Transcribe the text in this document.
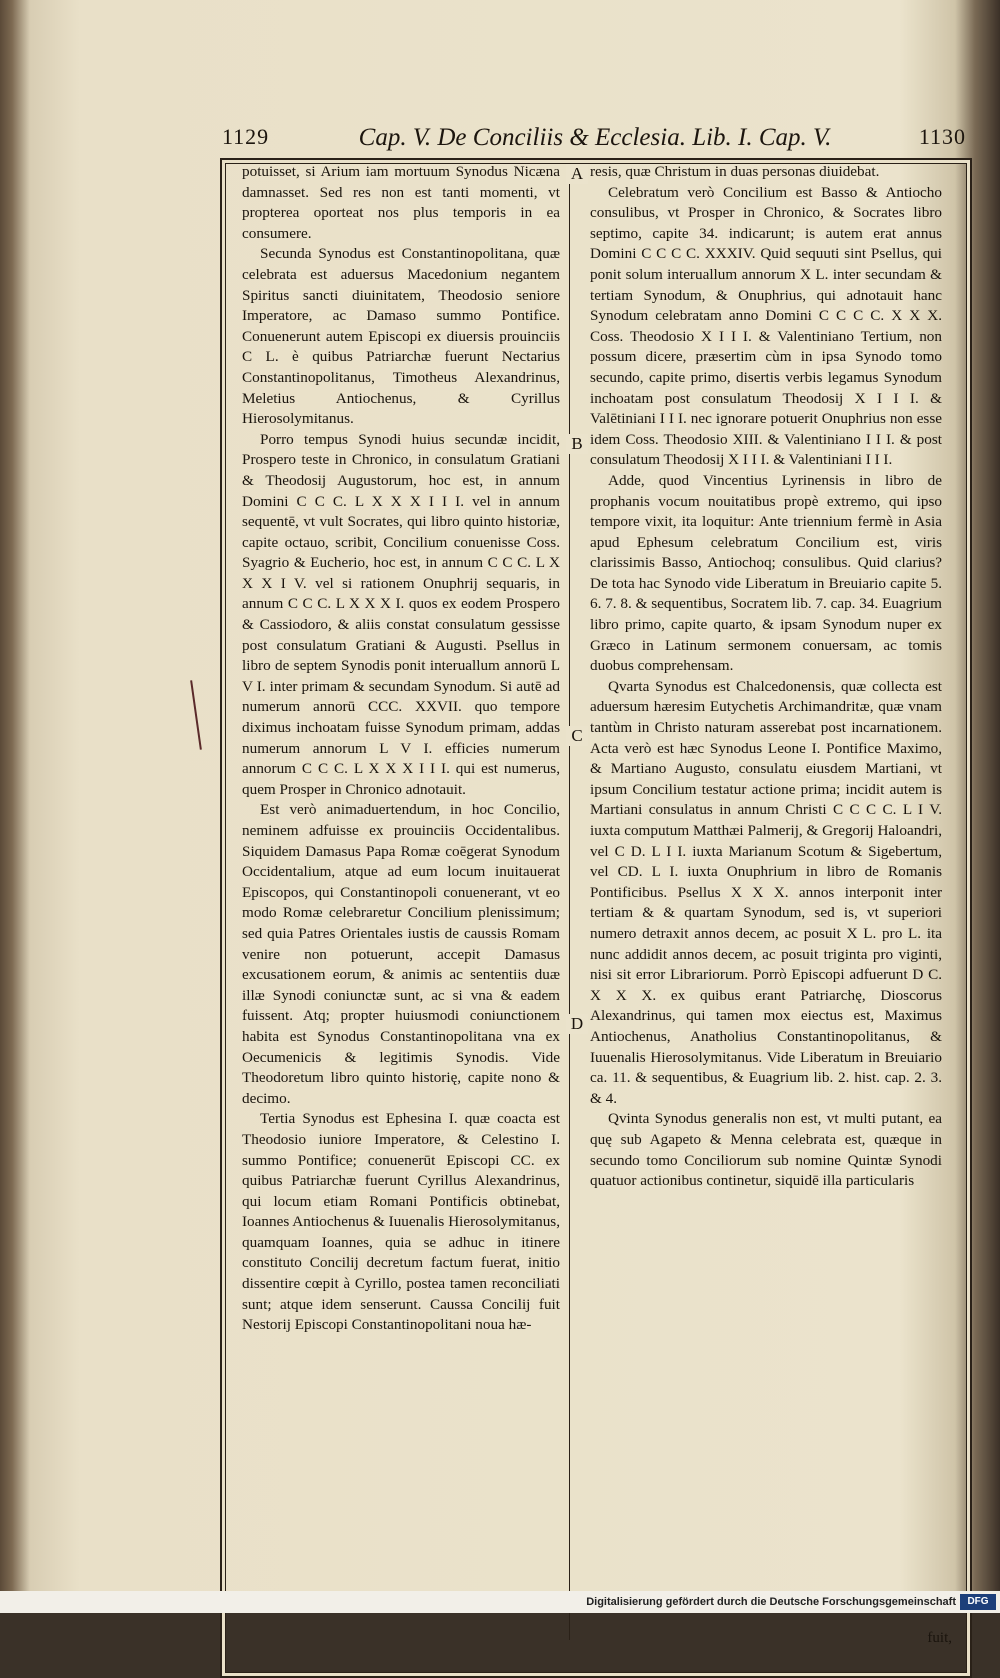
1129	Cap. V. De Conciliis & Ecclesia. Lib. I. Cap. V.	1130
A
B
C
D

potuisset, si Arium iam mortuum Synodus Nicæna damnasset. Sed res non est tanti momenti, vt propterea oporteat nos plus temporis in ea consumere.

Secunda Synodus est Constantinopolitana, quæ celebrata est aduersus Macedonium negantem Spiritus sancti diuinitatem, Theodosio seniore Imperatore, ac Damaso summo Pontifice. Conuenerunt autem Episcopi ex diuersis prouinciis C L. è quibus Patriarchæ fuerunt Nectarius Constantinopolitanus, Timotheus Alexandrinus, Meletius Antiochenus, & Cyrillus Hierosolymitanus.

Porro tempus Synodi huius secundæ incidit, Prospero teste in Chronico, in consulatum Gratiani & Theodosij Augustorum, hoc est, in annum Domini C C C. L X X X I I I. vel in annum sequentē, vt vult Socrates, qui libro quinto historiæ, capite octauo, scribit, Concilium conuenisse Coss. Syagrio & Eucherio, hoc est, in annum C C C. L X X X I V. vel si rationem Onuphrij sequaris, in annum C C C. L X X X I. quos ex eodem Prospero & Cassiodoro, & aliis constat consulatum gessisse post consulatum Gratiani & Augusti. Psellus in libro de septem Synodis ponit interuallum annorū L V I. inter primam & secundam Synodum. Si autē ad numerum annorū CCC. XXVII. quo tempore diximus inchoatam fuisse Synodum primam, addas numerum annorum L V I. efficies numerum annorum C C C. L X X X I I I. qui est numerus, quem Prosper in Chronico adnotauit.

Est verò animaduertendum, in hoc Concilio, neminem adfuisse ex prouinciis Occidentalibus. Siquidem Damasus Papa Romæ coēgerat Synodum Occidentalium, atque ad eum locum inuitauerat Episcopos, qui Constantinopoli conuenerant, vt eo modo Romæ celebraretur Concilium plenissimum; sed quia Patres Orientales iustis de caussis Romam venire non potuerunt, accepit Damasus excusationem eorum, & animis ac sententiis duæ illæ Synodi coniunctæ sunt, ac si vna & eadem fuissent. Atq; propter huiusmodi coniunctionem habita est Synodus Constantinopolitana vna ex Oecumenicis & legitimis Synodis. Vide Theodoretum libro quinto historię, capite nono & decimo.

Tertia Synodus est Ephesina I. quæ coacta est Theodosio iuniore Imperatore, & Celestino I. summo Pontifice; conuenerūt Episcopi CC. ex quibus Patriarchæ fuerunt Cyrillus Alexandrinus, qui locum etiam Romani Pontificis obtinebat, Ioannes Antiochenus & Iuuenalis Hierosolymitanus, quamquam Ioannes, quia se adhuc in itinere constituto Concilij decretum factum fuerat, initio dissentire cœpit à Cyrillo, postea tamen reconciliati sunt; atque idem senserunt. Caussa Concilij fuit Nestorij Episcopi Constantinopolitani noua hæ-

resis, quæ Christum in duas personas diuidebat.

Celebratum verò Concilium est Basso & Antiocho consulibus, vt Prosper in Chronico, & Socrates libro septimo, capite 34. indicarunt; is autem erat annus Domini C C C C. XXXIV. Quid sequuti sint Psellus, qui ponit solum interuallum annorum X L. inter secundam & tertiam Synodum, & Onuphrius, qui adnotauit hanc Synodum celebratam anno Domini C C C C. X X X. Coss. Theodosio X I I I. & Valentiniano Tertium, non possum dicere, præsertim cùm in ipsa Synodo tomo secundo, capite primo, disertis verbis legamus Synodum inchoatam post consulatum Theodosij X I I I. & Valētiniani I I I. nec ignorare potuerit Onuphrius non esse idem Coss. Theodosio XIII. & Valentiniano I I I. & post consulatum Theodosij X I I I. & Valentiniani I I I.

Adde, quod Vincentius Lyrinensis in libro de prophanis vocum nouitatibus propè extremo, qui ipso tempore vixit, ita loquitur: Ante triennium fermè in Asia apud Ephesum celebratum Concilium est, viris clarissimis Basso, Antiochoq; consulibus. Quid clarius? De tota hac Synodo vide Liberatum in Breuiario capite 5. 6. 7. 8. & sequentibus, Socratem lib. 7. cap. 34. Euagrium libro primo, capite quarto, & ipsam Synodum nuper ex Græco in Latinum sermonem conuersam, ac tomis duobus comprehensam.

Qvarta Synodus est Chalcedonensis, quæ collecta est aduersum hæresim Eutychetis Archimandritæ, quæ vnam tantùm in Christo naturam asserebat post incarnationem. Acta verò est hæc Synodus Leone I. Pontifice Maximo, & Martiano Augusto, consulatu eiusdem Martiani, vt ipsum Concilium testatur actione prima; incidit autem is Martiani consulatus in annum Christi C C C C. L I V. iuxta computum Matthæi Palmerij, & Gregorij Haloandri, vel C D. L I I. iuxta Marianum Scotum & Sigebertum, vel CD. L I. iuxta Onuphrium in libro de Romanis Pontificibus. Psellus X X X. annos interponit inter tertiam & & quartam Synodum, sed is, vt superiori numero detraxit annos decem, ac posuit X L. pro L. ita nunc addidit annos decem, ac posuit triginta pro viginti, nisi sit error Librariorum. Porrò Episcopi adfuerunt D C. X X X. ex quibus erant Patriarchę, Dioscorus Alexandrinus, qui tamen mox eiectus est, Maximus Antiochenus, Anatholius Constantinopolitanus, & Iuuenalis Hierosolymitanus. Vide Liberatum in Breuiario ca. 11. & sequentibus, & Euagrium lib. 2. hist. cap. 2. 3. & 4.

Qvinta Synodus generalis non est, vt multi putant, ea quę sub Agapeto & Menna celebrata est, quæque in secundo tomo Conciliorum sub nomine Quintæ Synodi quatuor actionibus continetur, siquidē illa particularis

fuit,
Digitalisierung gefördert durch die Deutsche Forschungsgemeinschaft	DFG
